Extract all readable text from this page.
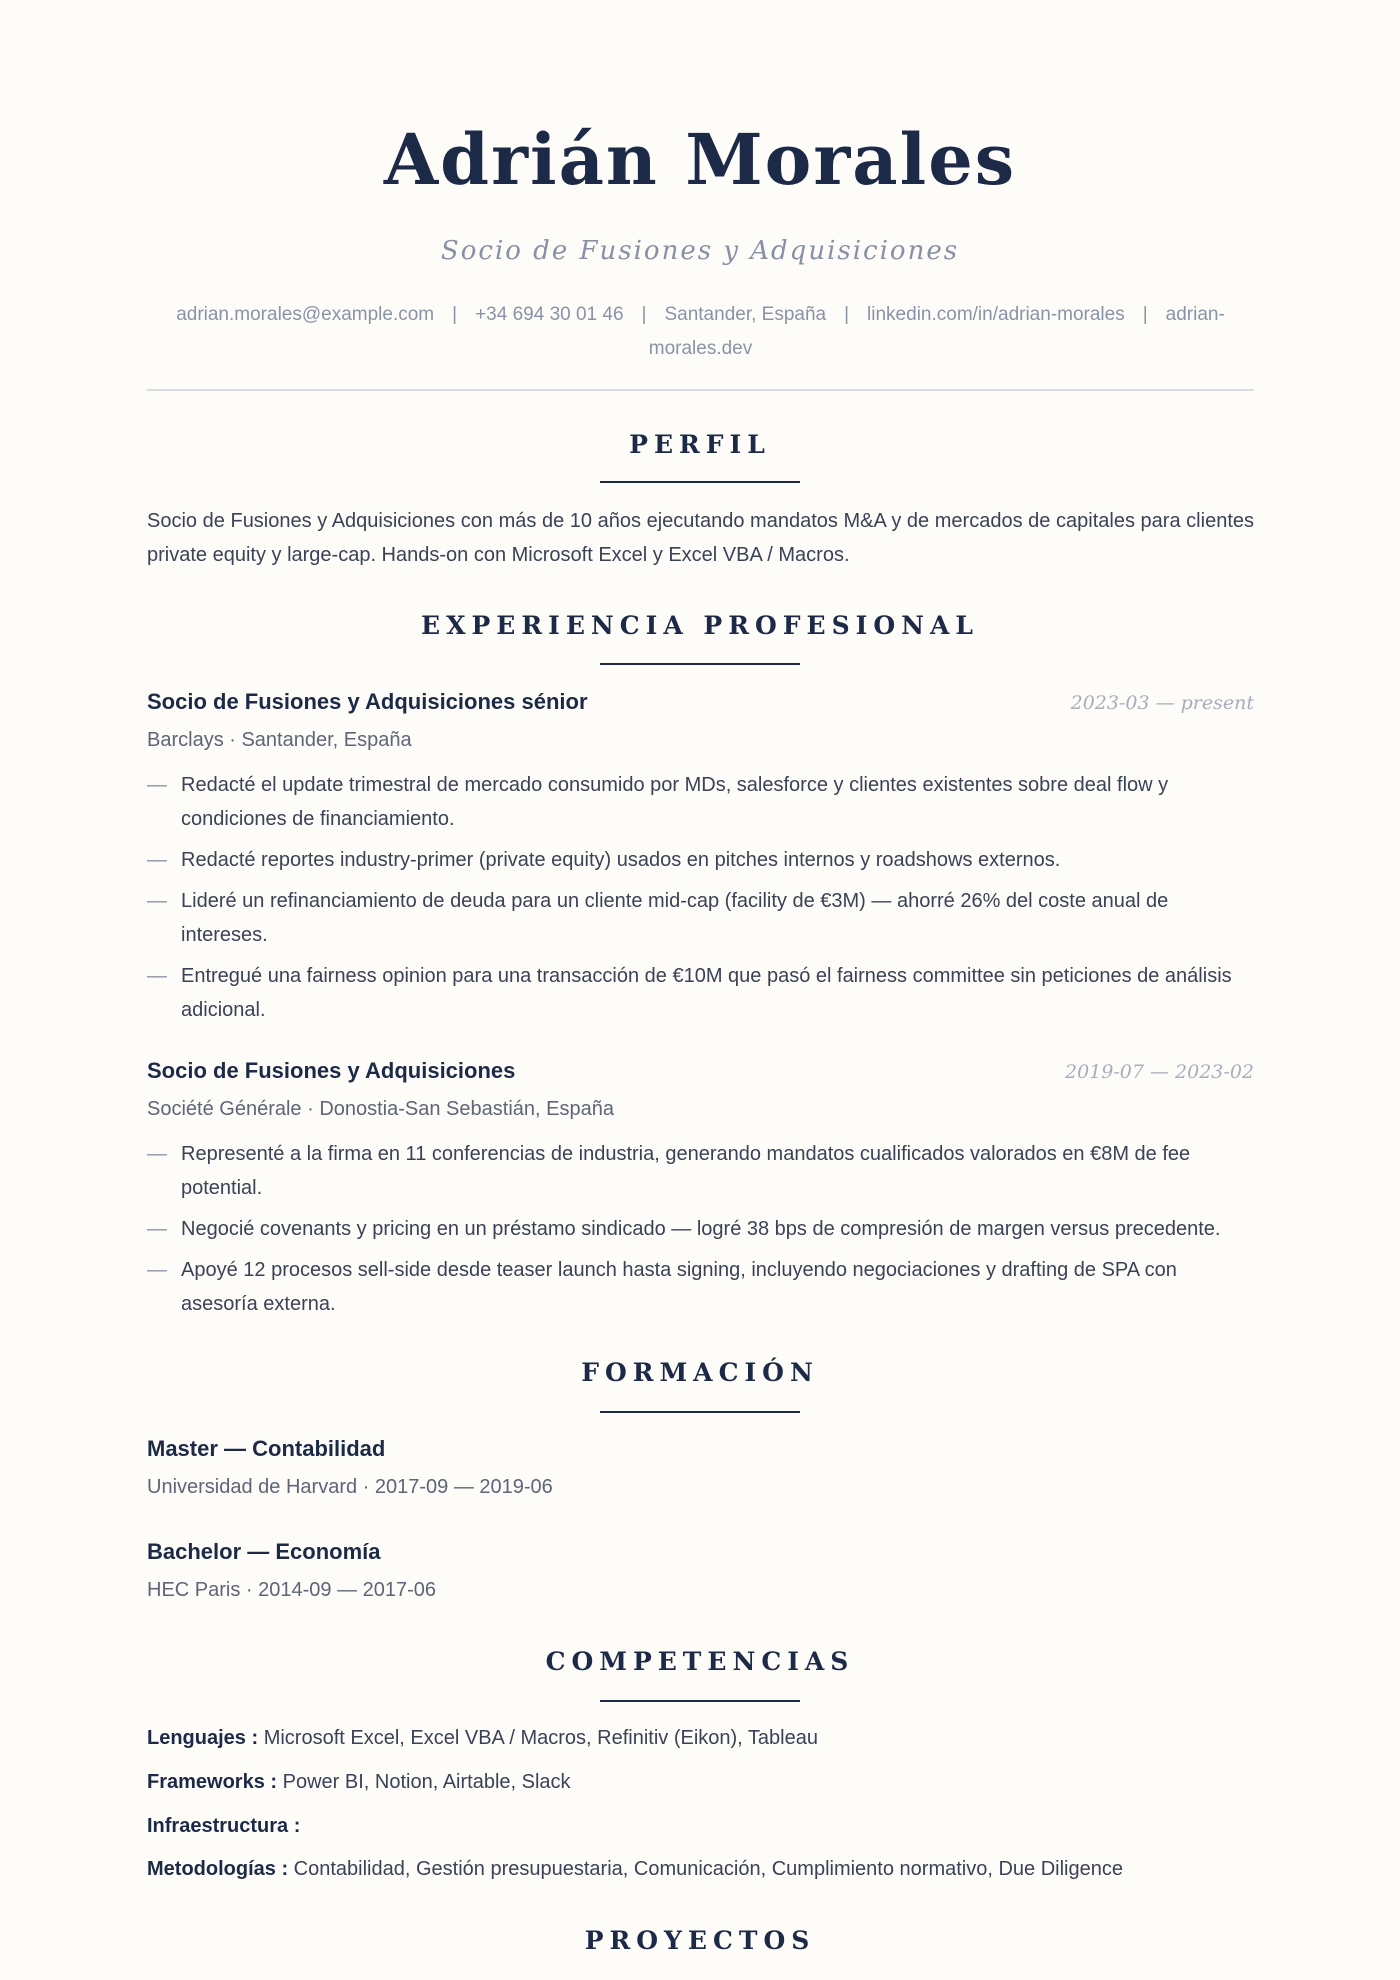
Adrián Morales
Socio de Fusiones y Adquisiciones
adrian.morales@example.com | +34 694 30 01 46 | Santander, España | linkedin.com/in/adrian-morales | adrian-morales.dev
PERFIL
Socio de Fusiones y Adquisiciones con más de 10 años ejecutando mandatos M&A y de mercados de capitales para clientes private equity y large-cap. Hands-on con Microsoft Excel y Excel VBA / Macros.
EXPERIENCIA PROFESIONAL
Socio de Fusiones y Adquisiciones sénior	2023-03 — present
Barclays · Santander, España
— Redacté el update trimestral de mercado consumido por MDs, salesforce y clientes existentes sobre deal flow y condiciones de financiamiento.
— Redacté reportes industry-primer (private equity) usados en pitches internos y roadshows externos.
— Lideré un refinanciamiento de deuda para un cliente mid-cap (facility de €3M) — ahorré 26% del coste anual de intereses.
— Entregué una fairness opinion para una transacción de €10M que pasó el fairness committee sin peticiones de análisis adicional.
Socio de Fusiones y Adquisiciones	2019-07 — 2023-02
Société Générale · Donostia-San Sebastián, España
— Representé a la firma en 11 conferencias de industria, generando mandatos cualificados valorados en €8M de fee potential.
— Negocié covenants y pricing en un préstamo sindicado — logré 38 bps de compresión de margen versus precedente.
— Apoyé 12 procesos sell-side desde teaser launch hasta signing, incluyendo negociaciones y drafting de SPA con asesoría externa.
FORMACIÓN
Master — Contabilidad
Universidad de Harvard · 2017-09 — 2019-06
Bachelor — Economía
HEC Paris · 2014-09 — 2017-06
COMPETENCIAS
Lenguajes : Microsoft Excel, Excel VBA / Macros, Refinitiv (Eikon), Tableau
Frameworks : Power BI, Notion, Airtable, Slack
Infraestructura :
Metodologías : Contabilidad, Gestión presupuestaria, Comunicación, Cumplimiento normativo, Due Diligence
PROYECTOS
